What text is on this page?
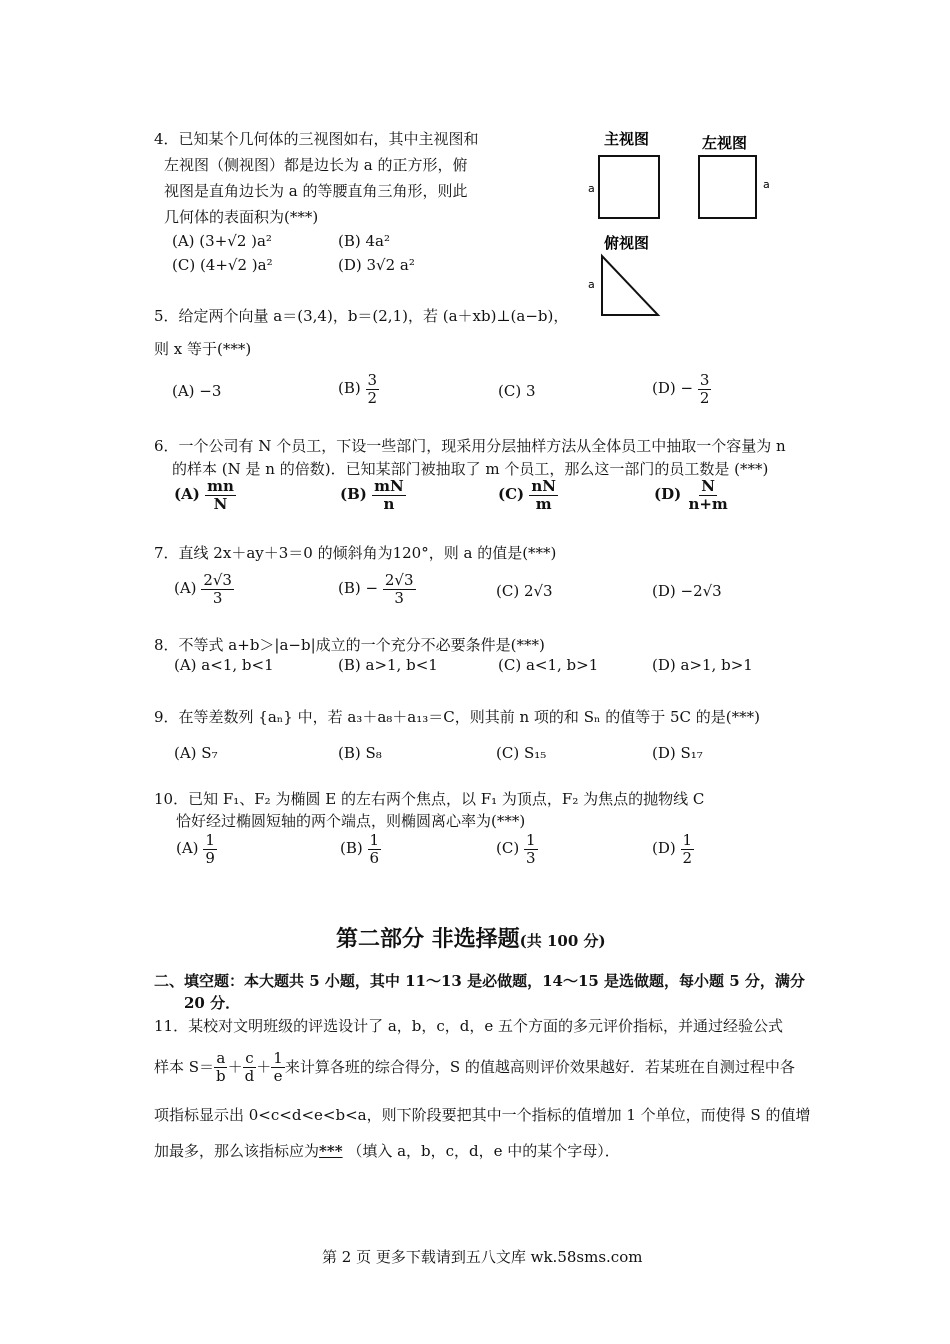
主视图	左视图
a	a
俯视图
a
4．已知某个几何体的三视图如右，其中主视图和
左视图（侧视图）都是边长为 a 的正方形，俯
视图是直角边长为 a 的等腰直角三角形，则此
几何体的表面积为(***)
(A) (3+√2 )a²	(B) 4a²
(C) (4+√2 )a²	(D) 3√2 a²
5．给定两个向量 a＝(3,4)，b＝(2,1)，若 (a＋xb)⊥(a−b)，
则 x 等于(***)
(A) −3	$(B) \frac{3}{2}$	(C) 3	$(D) - \frac{3}{2}$
6．一个公司有 N 个员工，下设一些部门，现采用分层抽样方法从全体员工中抽取一个容量为 n
的样本 (N 是 n 的倍数)．已知某部门被抽取了 m 个员工，那么这一部门的员工数是 (***)
$(A) \frac{mn}{N}$	$(B) \frac{mN}{n}$	$(C) \frac{nN}{m}$	$(D) \frac{N}{n+m}$
7．直线 2x＋ay＋3＝0 的倾斜角为120°，则 a 的值是(***)
$(A) \frac{2√3}{3}$	$(B) - \frac{2√3}{3}$	(C) 2√3	(D) −2√3
8．不等式 a+b＞|a−b|成立的一个充分不必要条件是(***)
(A) a<1, b<1	(B) a>1, b<1	(C) a<1, b>1	(D) a>1, b>1
9．在等差数列 {aₙ} 中，若 a₃＋a₈＋a₁₃＝C，则其前 n 项的和 Sₙ 的值等于 5C 的是(***)
(A) S₇	(B) S₈	(C) S₁₅	(D) S₁₇
10．已知 F₁、F₂ 为椭圆 E 的左右两个焦点，以 F₁ 为顶点，F₂ 为焦点的抛物线 C
恰好经过椭圆短轴的两个端点，则椭圆离心率为(***)
$(A) \frac{1}{9}$	$(B) \frac{1}{6}$	$(C) \frac{1}{3}$	$(D) \frac{1}{2}$
第二部分 非选择题(共 100 分)
二、填空题：本大题共 5 小题，其中 11～13 是必做题，14～15 是选做题，每小题 5 分，满分
20 分．
11．某校对文明班级的评选设计了 a，b，c，d，e 五个方面的多元评价指标，并通过经验公式
样本 $S= \frac{a}{b} + \frac{c}{d} + \frac{1}{e}$ 来计算各班的综合得分，S 的值越高则评价效果越好．若某班在自测过程中各
项指标显示出 0<c<d<e<b<a，则下阶段要把其中一个指标的值增加 1 个单位，而使得 S 的值增
加最多，那么该指标应为*** （填入 a，b，c，d，e 中的某个字母）．
第 2 页 更多下载请到五八文库 wk.58sms.com
